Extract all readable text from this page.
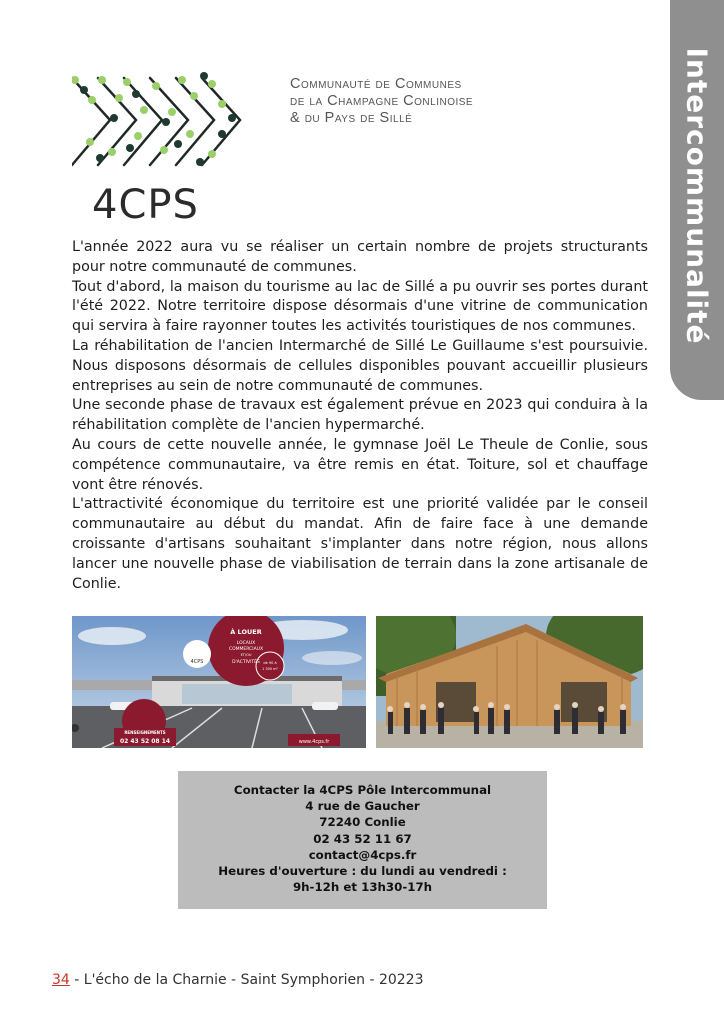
Intercommunalité
4CPS
Communauté de Communes
de la Champagne Conlinoise
& du Pays de Sillé

L'année 2022 aura vu se réaliser un certain nombre de projets structurants pour notre communauté de communes.

Tout d'abord, la maison du tourisme au lac de Sillé a pu ouvrir ses portes durant l'été 2022. Notre territoire dispose désormais d'une vitrine de communication qui servira à faire rayonner toutes les activités touristiques de nos communes.

La réhabilitation de l'ancien Intermarché de Sillé Le Guillaume s'est poursuivie. Nous disposons désormais de cellules disponibles pouvant accueillir plusieurs entreprises au sein de notre communauté de communes.

Une seconde phase de travaux est également prévue en 2023 qui conduira à la réhabilitation complète de l'ancien hypermarché.

Au cours de cette nouvelle année, le gymnase Joël Le Theule de Conlie, sous compétence communautaire, va être remis en état. Toiture, sol et chauffage vont être rénovés.

L'attractivité économique du territoire est une priorité validée par le conseil communautaire au début du mandat. Afin de faire face à une demande croissante d'artisans souhaitant s'implanter dans notre région, nous allons lancer une nouvelle phase de viabilisation de terrain dans la zone artisanale de Conlie.

À LOUER
LOCAUX
COMMERCIAUX
ET/OU
D'ACTIVITÉS de 90 à
1 300 m²
4CPS
RENSEIGNEMENTS
02 43 52 08 14	www.4cps.fr
Contacter la 4CPS Pôle Intercommunal
4 rue de Gaucher
72240 Conlie
02 43 52 11 67
contact@4cps.fr
Heures d'ouverture : du lundi au vendredi :
9h-12h et 13h30-17h
34 - L'écho de la Charnie - Saint Symphorien - 20223
